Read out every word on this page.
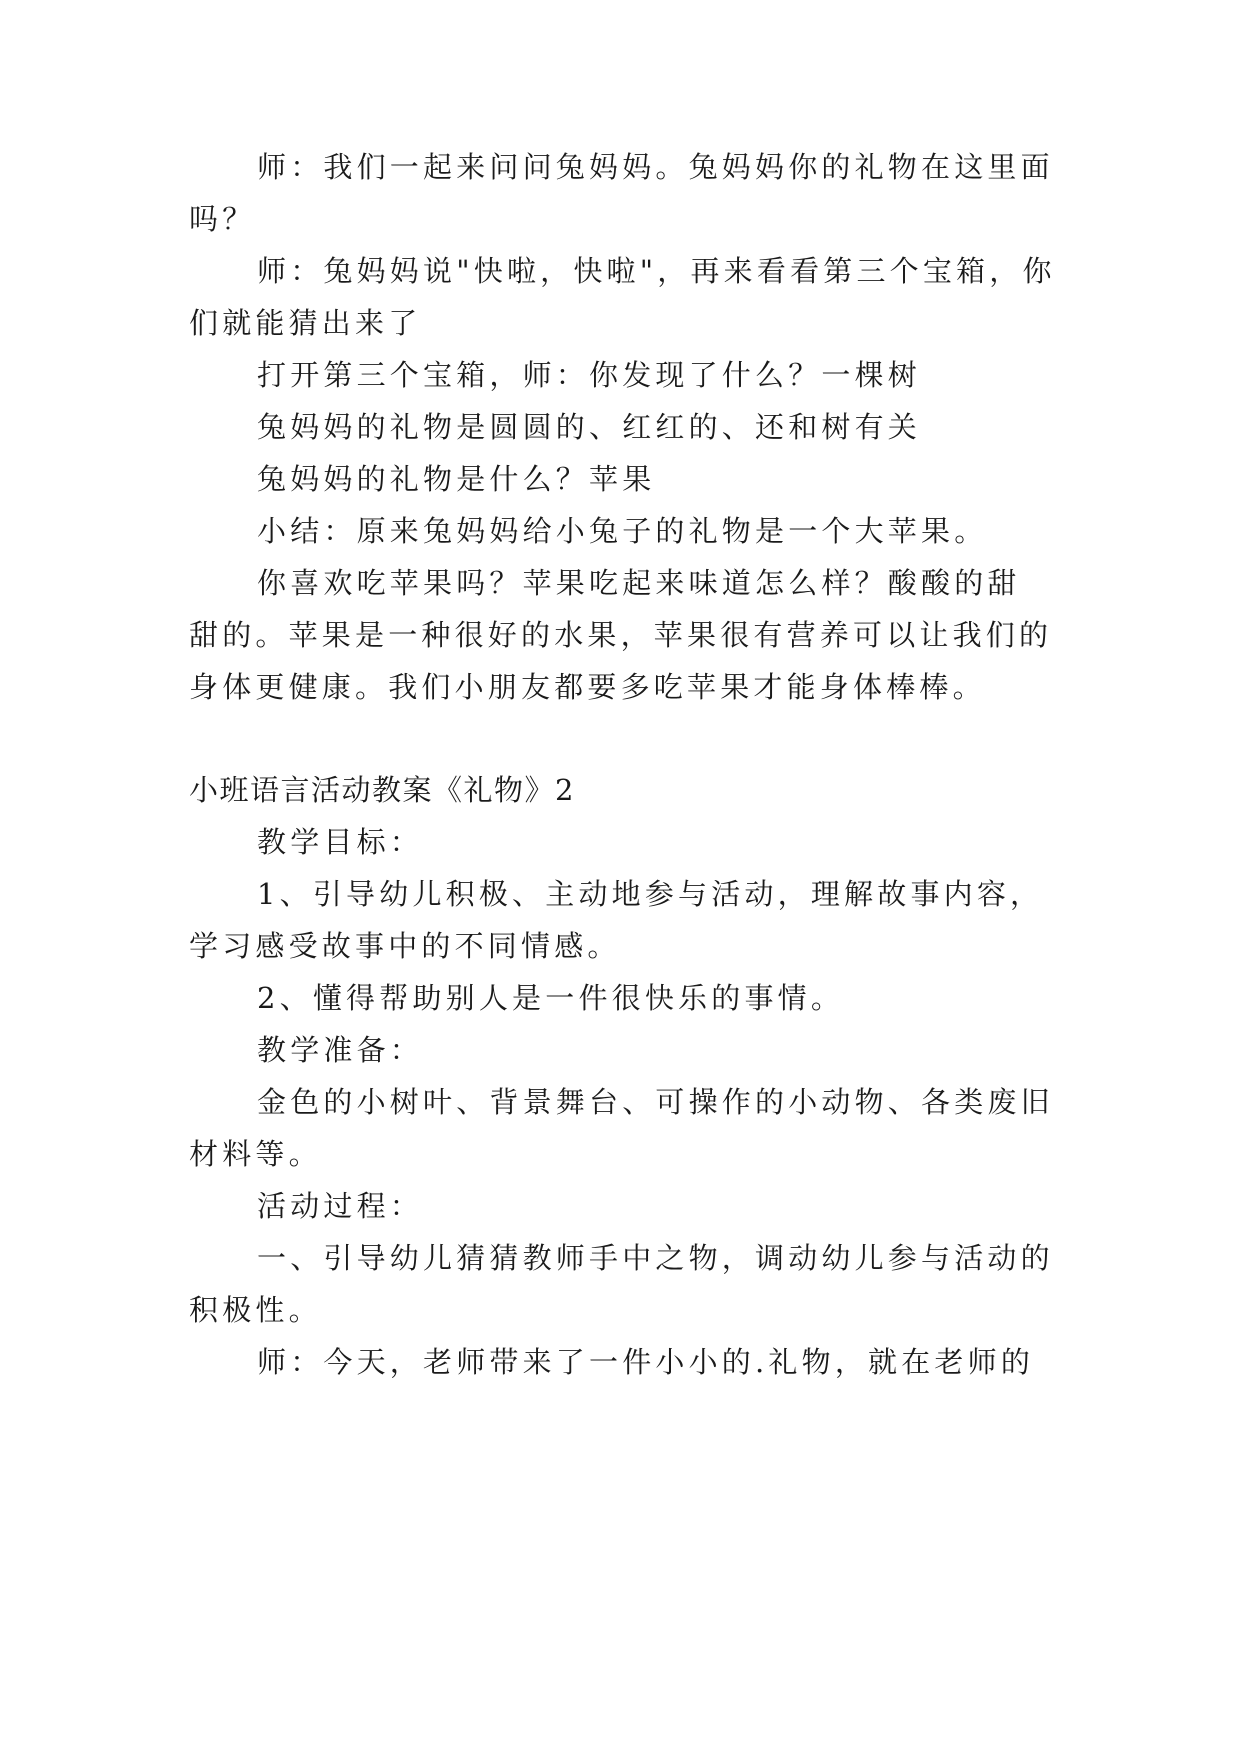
师：我们一起来问问兔妈妈。兔妈妈你的礼物在这里面
吗？
师：兔妈妈说"快啦，快啦"，再来看看第三个宝箱，你
们就能猜出来了
打开第三个宝箱，师：你发现了什么？一棵树
兔妈妈的礼物是圆圆的、红红的、还和树有关
兔妈妈的礼物是什么？苹果
小结：原来兔妈妈给小兔子的礼物是一个大苹果。
你喜欢吃苹果吗？苹果吃起来味道怎么样？酸酸的甜
甜的。苹果是一种很好的水果，苹果很有营养可以让我们的
身体更健康。我们小朋友都要多吃苹果才能身体棒棒。
小班语言活动教案《礼物》2
教学目标：
1、引导幼儿积极、主动地参与活动，理解故事内容，
学习感受故事中的不同情感。
2、懂得帮助别人是一件很快乐的事情。
教学准备：
金色的小树叶、背景舞台、可操作的小动物、各类废旧
材料等。
活动过程：
一、引导幼儿猜猜教师手中之物，调动幼儿参与活动的
积极性。
师：今天，老师带来了一件小小的.礼物，就在老师的
